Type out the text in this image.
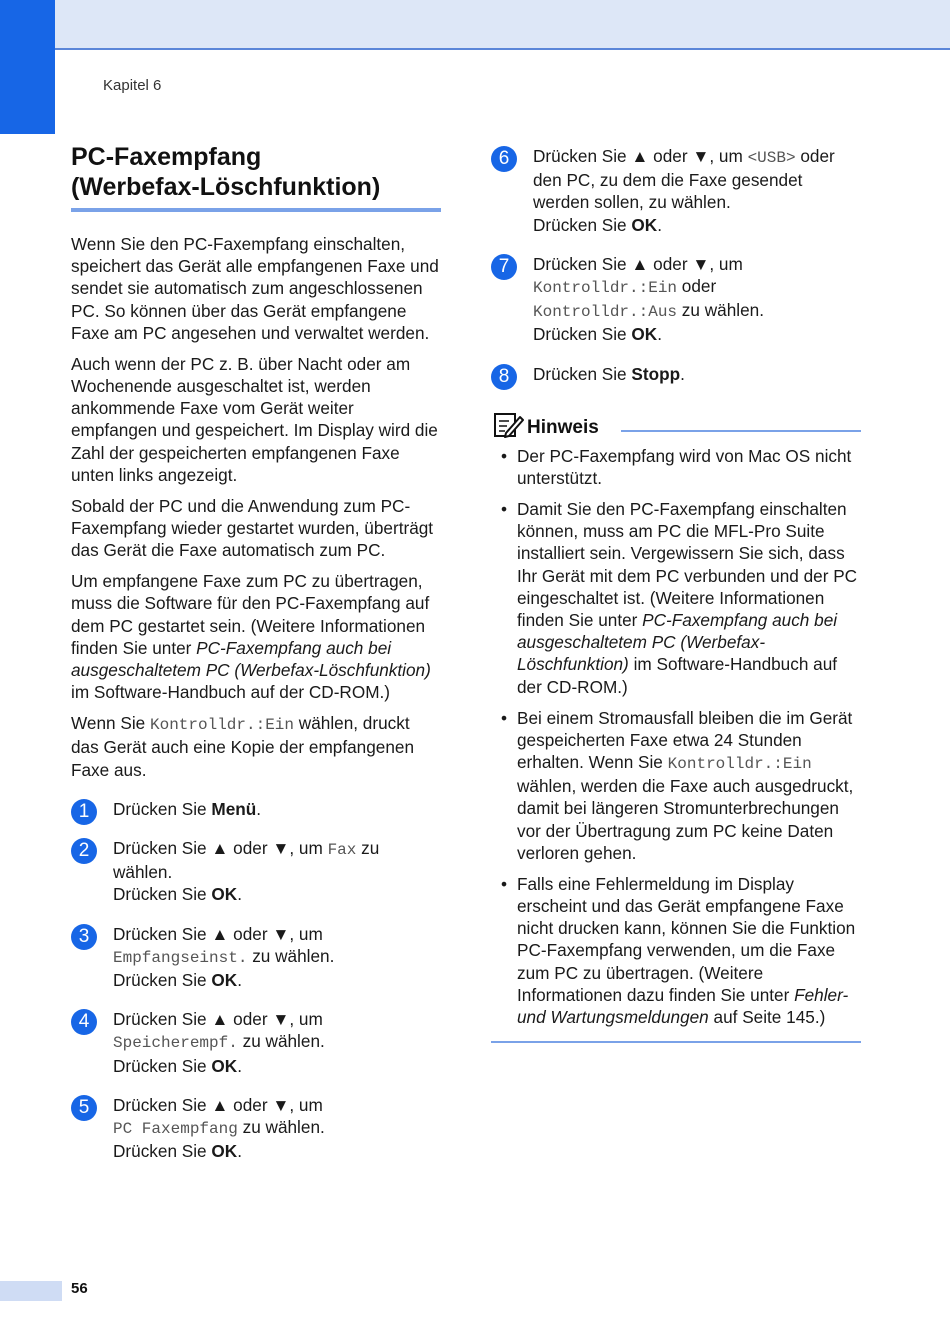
Kapitel 6
PC-Faxempfang
(Werbefax-Löschfunktion)

Wenn Sie den PC-Faxempfang einschalten, speichert das Gerät alle empfangenen Faxe und sendet sie automatisch zum angeschlossenen PC. So können über das Gerät empfangene Faxe am PC angesehen und verwaltet werden.

Auch wenn der PC z. B. über Nacht oder am Wochenende ausgeschaltet ist, werden ankommende Faxe vom Gerät weiter empfangen und gespeichert. Im Display wird die Zahl der gespeicherten empfangenen Faxe unten links angezeigt.

Sobald der PC und die Anwendung zum PC-Faxempfang wieder gestartet wurden, überträgt das Gerät die Faxe automatisch zum PC.

Um empfangene Faxe zum PC zu übertragen, muss die Software für den PC-Faxempfang auf dem PC gestartet sein. (Weitere Informationen finden Sie unter PC-Faxempfang auch bei ausgeschaltetem PC (Werbefax-Löschfunktion) im Software-Handbuch auf der CD-ROM.)

Wenn Sie Kontrolldr.:Ein wählen, druckt das Gerät auch eine Kopie der empfangenen Faxe aus.

1	Drücken Sie Menü.

2	Drücken Sie ▲ oder ▼, um Fax zu wählen.
Drücken Sie OK.

3	Drücken Sie ▲ oder ▼, um
Empfangseinst. zu wählen.
Drücken Sie OK.

4	Drücken Sie ▲ oder ▼, um
Speicherempf. zu wählen.
Drücken Sie OK.

5	Drücken Sie ▲ oder ▼, um
PC Faxempfang zu wählen.
Drücken Sie OK.

6	Drücken Sie ▲ oder ▼, um <USB> oder den PC, zu dem die Faxe gesendet werden sollen, zu wählen.
Drücken Sie OK.

7	Drücken Sie ▲ oder ▼, um
Kontrolldr.:Ein oder
Kontrolldr.:Aus zu wählen.
Drücken Sie OK.

8	Drücken Sie Stopp.

Hinweis
• Der PC-Faxempfang wird von Mac OS nicht unterstützt.
• Damit Sie den PC-Faxempfang einschalten können, muss am PC die MFL-Pro Suite installiert sein. Vergewissern Sie sich, dass Ihr Gerät mit dem PC verbunden und der PC eingeschaltet ist. (Weitere Informationen finden Sie unter PC-Faxempfang auch bei ausgeschaltetem PC (Werbefax-Löschfunktion) im Software-Handbuch auf der CD-ROM.)
• Bei einem Stromausfall bleiben die im Gerät gespeicherten Faxe etwa 24 Stunden erhalten. Wenn Sie Kontrolldr.:Ein wählen, werden die Faxe auch ausgedruckt, damit bei längeren Stromunterbrechungen vor der Übertragung zum PC keine Daten verloren gehen.
• Falls eine Fehlermeldung im Display erscheint und das Gerät empfangene Faxe nicht drucken kann, können Sie die Funktion PC-Faxempfang verwenden, um die Faxe zum PC zu übertragen. (Weitere Informationen dazu finden Sie unter Fehler- und Wartungsmeldungen auf Seite 145.)
56
